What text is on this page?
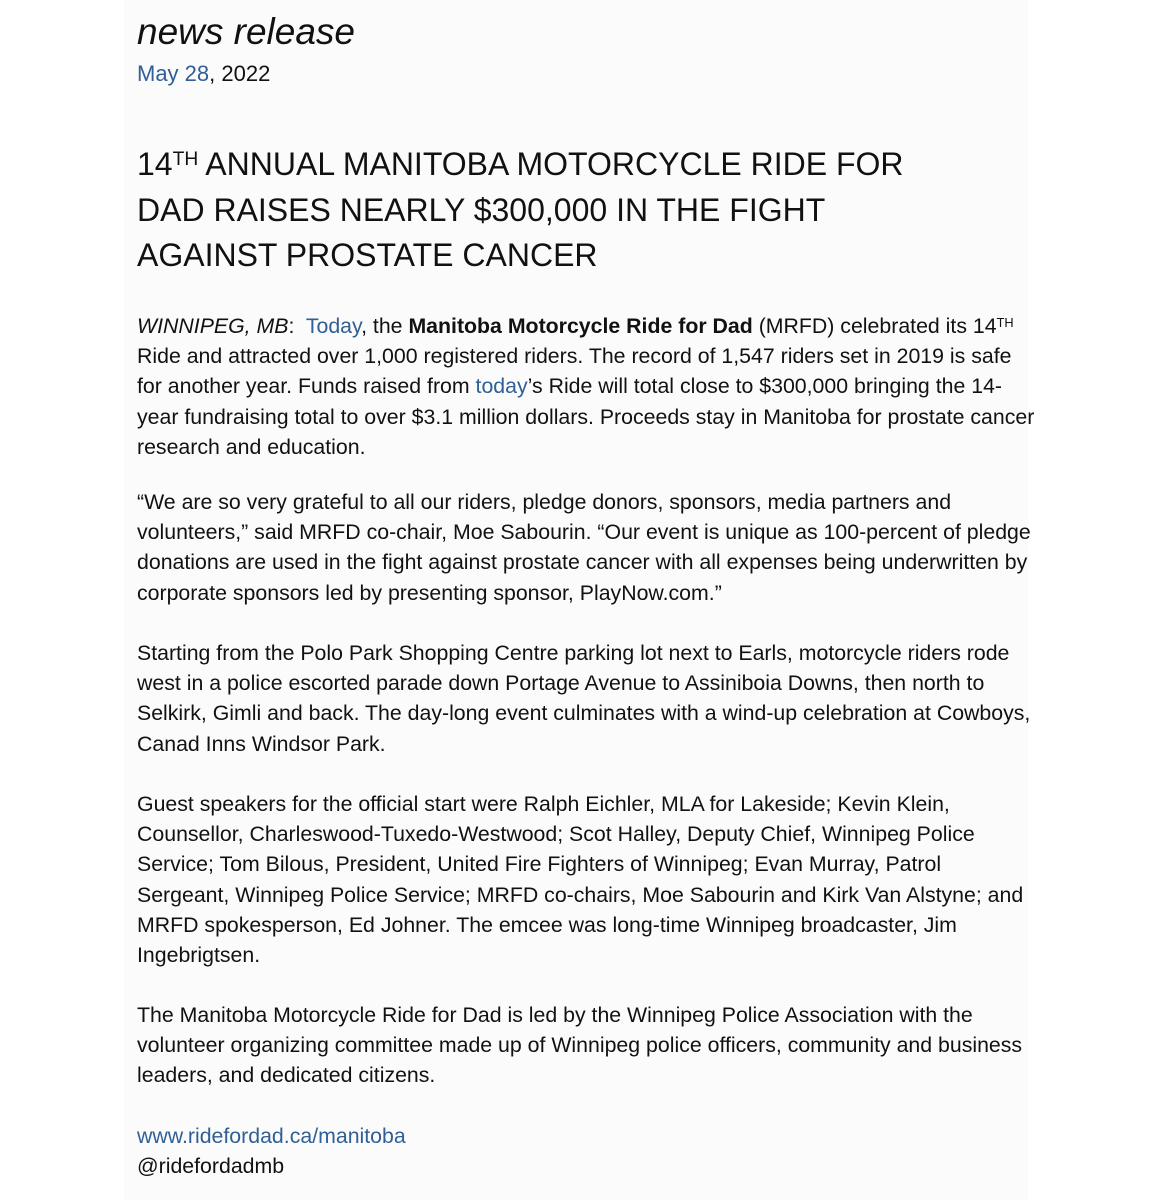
news release
May 28, 2022
14TH ANNUAL MANITOBA MOTORCYCLE RIDE FOR
DAD RAISES NEARLY $300,000 IN THE FIGHT
AGAINST PROSTATE CANCER

WINNIPEG, MB:  Today, the Manitoba Motorcycle Ride for Dad (MRFD) celebrated its 14TH Ride and attracted over 1,000 registered riders. The record of 1,547 riders set in 2019 is safe for another year. Funds raised from today’s Ride will total close to $300,000 bringing the 14-year fundraising total to over $3.1 million dollars. Proceeds stay in Manitoba for prostate cancer research and education.

“We are so very grateful to all our riders, pledge donors, sponsors, media partners and volunteers,” said MRFD co-chair, Moe Sabourin. “Our event is unique as 100-percent of pledge donations are used in the fight against prostate cancer with all expenses being underwritten by corporate sponsors led by presenting sponsor, PlayNow.com.”

Starting from the Polo Park Shopping Centre parking lot next to Earls, motorcycle riders rode west in a police escorted parade down Portage Avenue to Assiniboia Downs, then north to Selkirk, Gimli and back. The day-long event culminates with a wind-up celebration at Cowboys, Canad Inns Windsor Park.

Guest speakers for the official start were Ralph Eichler, MLA for Lakeside; Kevin Klein, Counsellor, Charleswood-Tuxedo-Westwood; Scot Halley, Deputy Chief, Winnipeg Police Service; Tom Bilous, President, United Fire Fighters of Winnipeg; Evan Murray, Patrol Sergeant, Winnipeg Police Service; MRFD co-chairs, Moe Sabourin and Kirk Van Alstyne; and MRFD spokesperson, Ed Johner. The emcee was long-time Winnipeg broadcaster, Jim Ingebrigtsen.

The Manitoba Motorcycle Ride for Dad is led by the Winnipeg Police Association with the volunteer organizing committee made up of Winnipeg police officers, community and business leaders, and dedicated citizens.

www.ridefordad.ca/manitoba
@ridefordadmb
